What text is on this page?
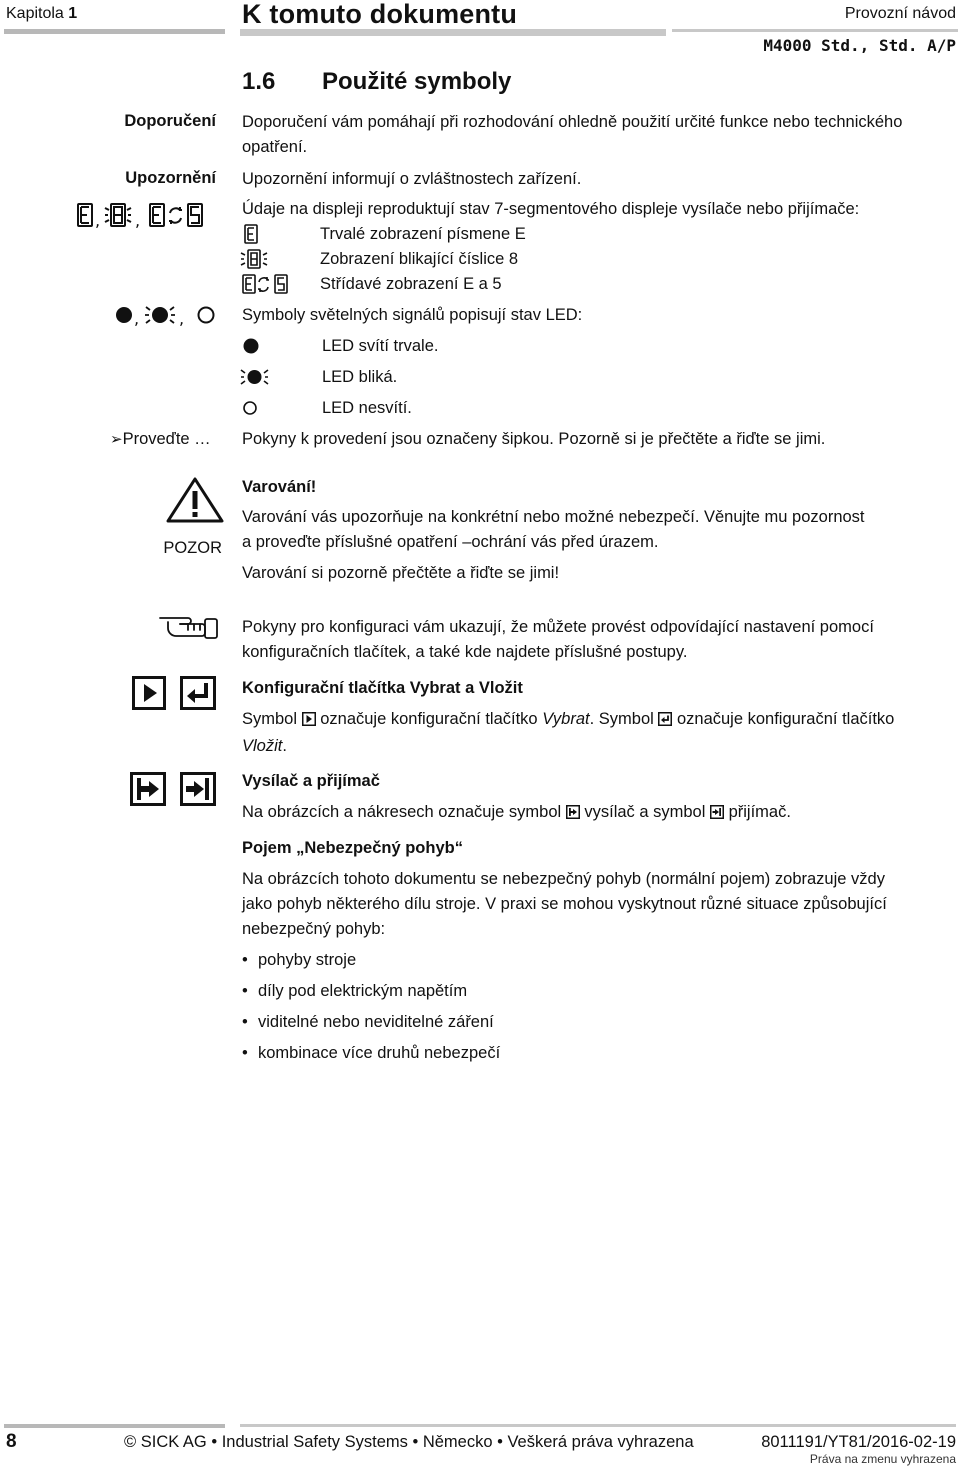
Kapitola 1	K tomuto dokumentu	Provozní návod
M4000 Std., Std. A/P
1.6 Použité symboly
Doporučení Doporučení vám pomáhají při rozhodování ohledně použití určité funkce nebo technického
opatření.
Upozornění Upozornění informují o zvláštnostech zařízení.
, ,
Údaje na displeji reproduktují stav 7-segmentového displeje vysílače nebo přijímače:
Trvalé zobrazení písmene E
Zobrazení blikající číslice 8
Střídavé zobrazení E a 5
, ,	Symboly světelných signálů popisují stav LED:
LED svítí trvale.
LED bliká.
LED nesvítí.
➢Proveďte … Pokyny k provedení jsou označeny šipkou. Pozorně si je přečtěte a řiďte se jimi.
POZOR
Varování!
Varování vás upozorňuje na konkrétní nebo možné nebezpečí. Věnujte mu pozornost
a proveďte příslušné opatření –ochrání vás před úrazem.
Varování si pozorně přečtěte a řiďte se jimi!
Pokyny pro konfiguraci vám ukazují, že můžete provést odpovídající nastavení pomocí
konfiguračních tlačítek, a také kde najdete příslušné postupy.
Konfigurační tlačítka Vybrat a Vložit
Symbol označuje konfigurační tlačítko Vybrat. Symbol označuje konfigurační tlačítko
Vložit.
Vysílač a přijímač
Na obrázcích a nákresech označuje symbol vysílač a symbol přijímač.
Pojem „Nebezpečný pohyb“
Na obrázcích tohoto dokumentu se nebezpečný pohyb (normální pojem) zobrazuje vždy
jako pohyb některého dílu stroje. V praxi se mohou vyskytnout různé situace způsobující
nebezpečný pohyb:
• pohyby stroje
• díly pod elektrickým napětím
• viditelné nebo neviditelné záření
• kombinace více druhů nebezpečí
8	© SICK AG • Industrial Safety Systems • Německo • Veškerá práva vyhrazena	8011191/YT81/2016-02-19
Práva na zmenu vyhrazena
